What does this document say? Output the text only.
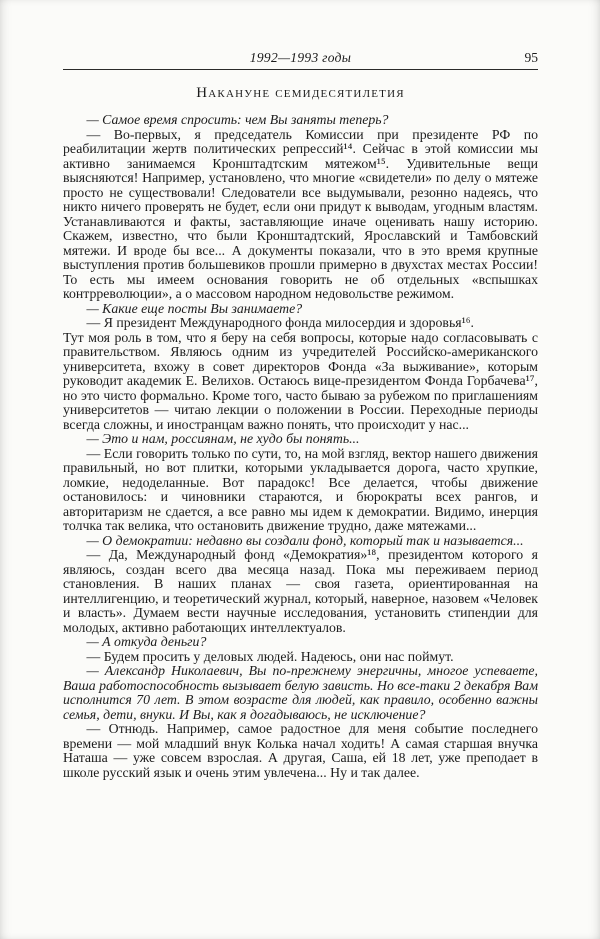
1992—1993 годы	95
Накануне семидесятилетия

— Самое время спросить: чем Вы заняты теперь?

— Во-первых, я председатель Комиссии при президенте РФ по реабилитации жертв политических репрессий¹⁴. Сейчас в этой комиссии мы активно занимаемся Кронштадтским мятежом¹⁵. Удивительные вещи выясняются! Например, установлено, что многие «свидетели» по делу о мятеже просто не существовали! Следователи все выдумывали, резонно надеясь, что никто ничего проверять не будет, если они придут к выводам, угодным властям. Устанавливаются и факты, заставляющие иначе оценивать нашу историю. Скажем, известно, что были Кронштадтский, Ярославский и Тамбовский мятежи. И вроде бы все... А документы показали, что в это время крупные выступления против большевиков прошли примерно в двухстах местах России! То есть мы имеем основания говорить не об отдельных «вспышках контрреволюции», а о массовом народном недовольстве режимом.

— Какие еще посты Вы занимаете?

— Я президент Международного фонда милосердия и здоровья¹⁶.

Тут моя роль в том, что я беру на себя вопросы, которые надо согласовывать с правительством. Являюсь одним из учредителей Российско-американского университета, вхожу в совет директоров Фонда «За выживание», которым руководит академик Е. Велихов. Остаюсь вице-президентом Фонда Горбачева¹⁷, но это чисто формально. Кроме того, часто бываю за рубежом по приглашениям университетов — читаю лекции о положении в России. Переходные периоды всегда сложны, и иностранцам важно понять, что происходит у нас...

— Это и нам, россиянам, не худо бы понять...

— Если говорить только по сути, то, на мой взгляд, вектор нашего движения правильный, но вот плитки, которыми укладывается дорога, часто хрупкие, ломкие, недоделанные. Вот парадокс! Все делается, чтобы движение остановилось: и чиновники стараются, и бюрократы всех рангов, и авторитаризм не сдается, а все равно мы идем к демократии. Видимо, инерция толчка так велика, что остановить движение трудно, даже мятежами...

— О демократии: недавно вы создали фонд, который так и называется...

— Да, Международный фонд «Демократия»¹⁸, президентом которого я являюсь, создан всего два месяца назад. Пока мы переживаем период становления. В наших планах — своя газета, ориентированная на интеллигенцию, и теоретический журнал, который, наверное, назовем «Человек и власть». Думаем вести научные исследования, установить стипендии для молодых, активно работающих интеллектуалов.

— А откуда деньги?

— Будем просить у деловых людей. Надеюсь, они нас поймут.

— Александр Николаевич, Вы по-прежнему энергичны, многое успеваете, Ваша работоспособность вызывает белую зависть. Но все-таки 2 декабря Вам исполнится 70 лет. В этом возрасте для людей, как правило, особенно важны семья, дети, внуки. И Вы, как я догадываюсь, не исключение?

— Отнюдь. Например, самое радостное для меня событие последнего времени — мой младший внук Колька начал ходить! А самая старшая внучка Наташа — уже совсем взрослая. А другая, Саша, ей 18 лет, уже преподает в школе русский язык и очень этим увлечена... Ну и так далее.
